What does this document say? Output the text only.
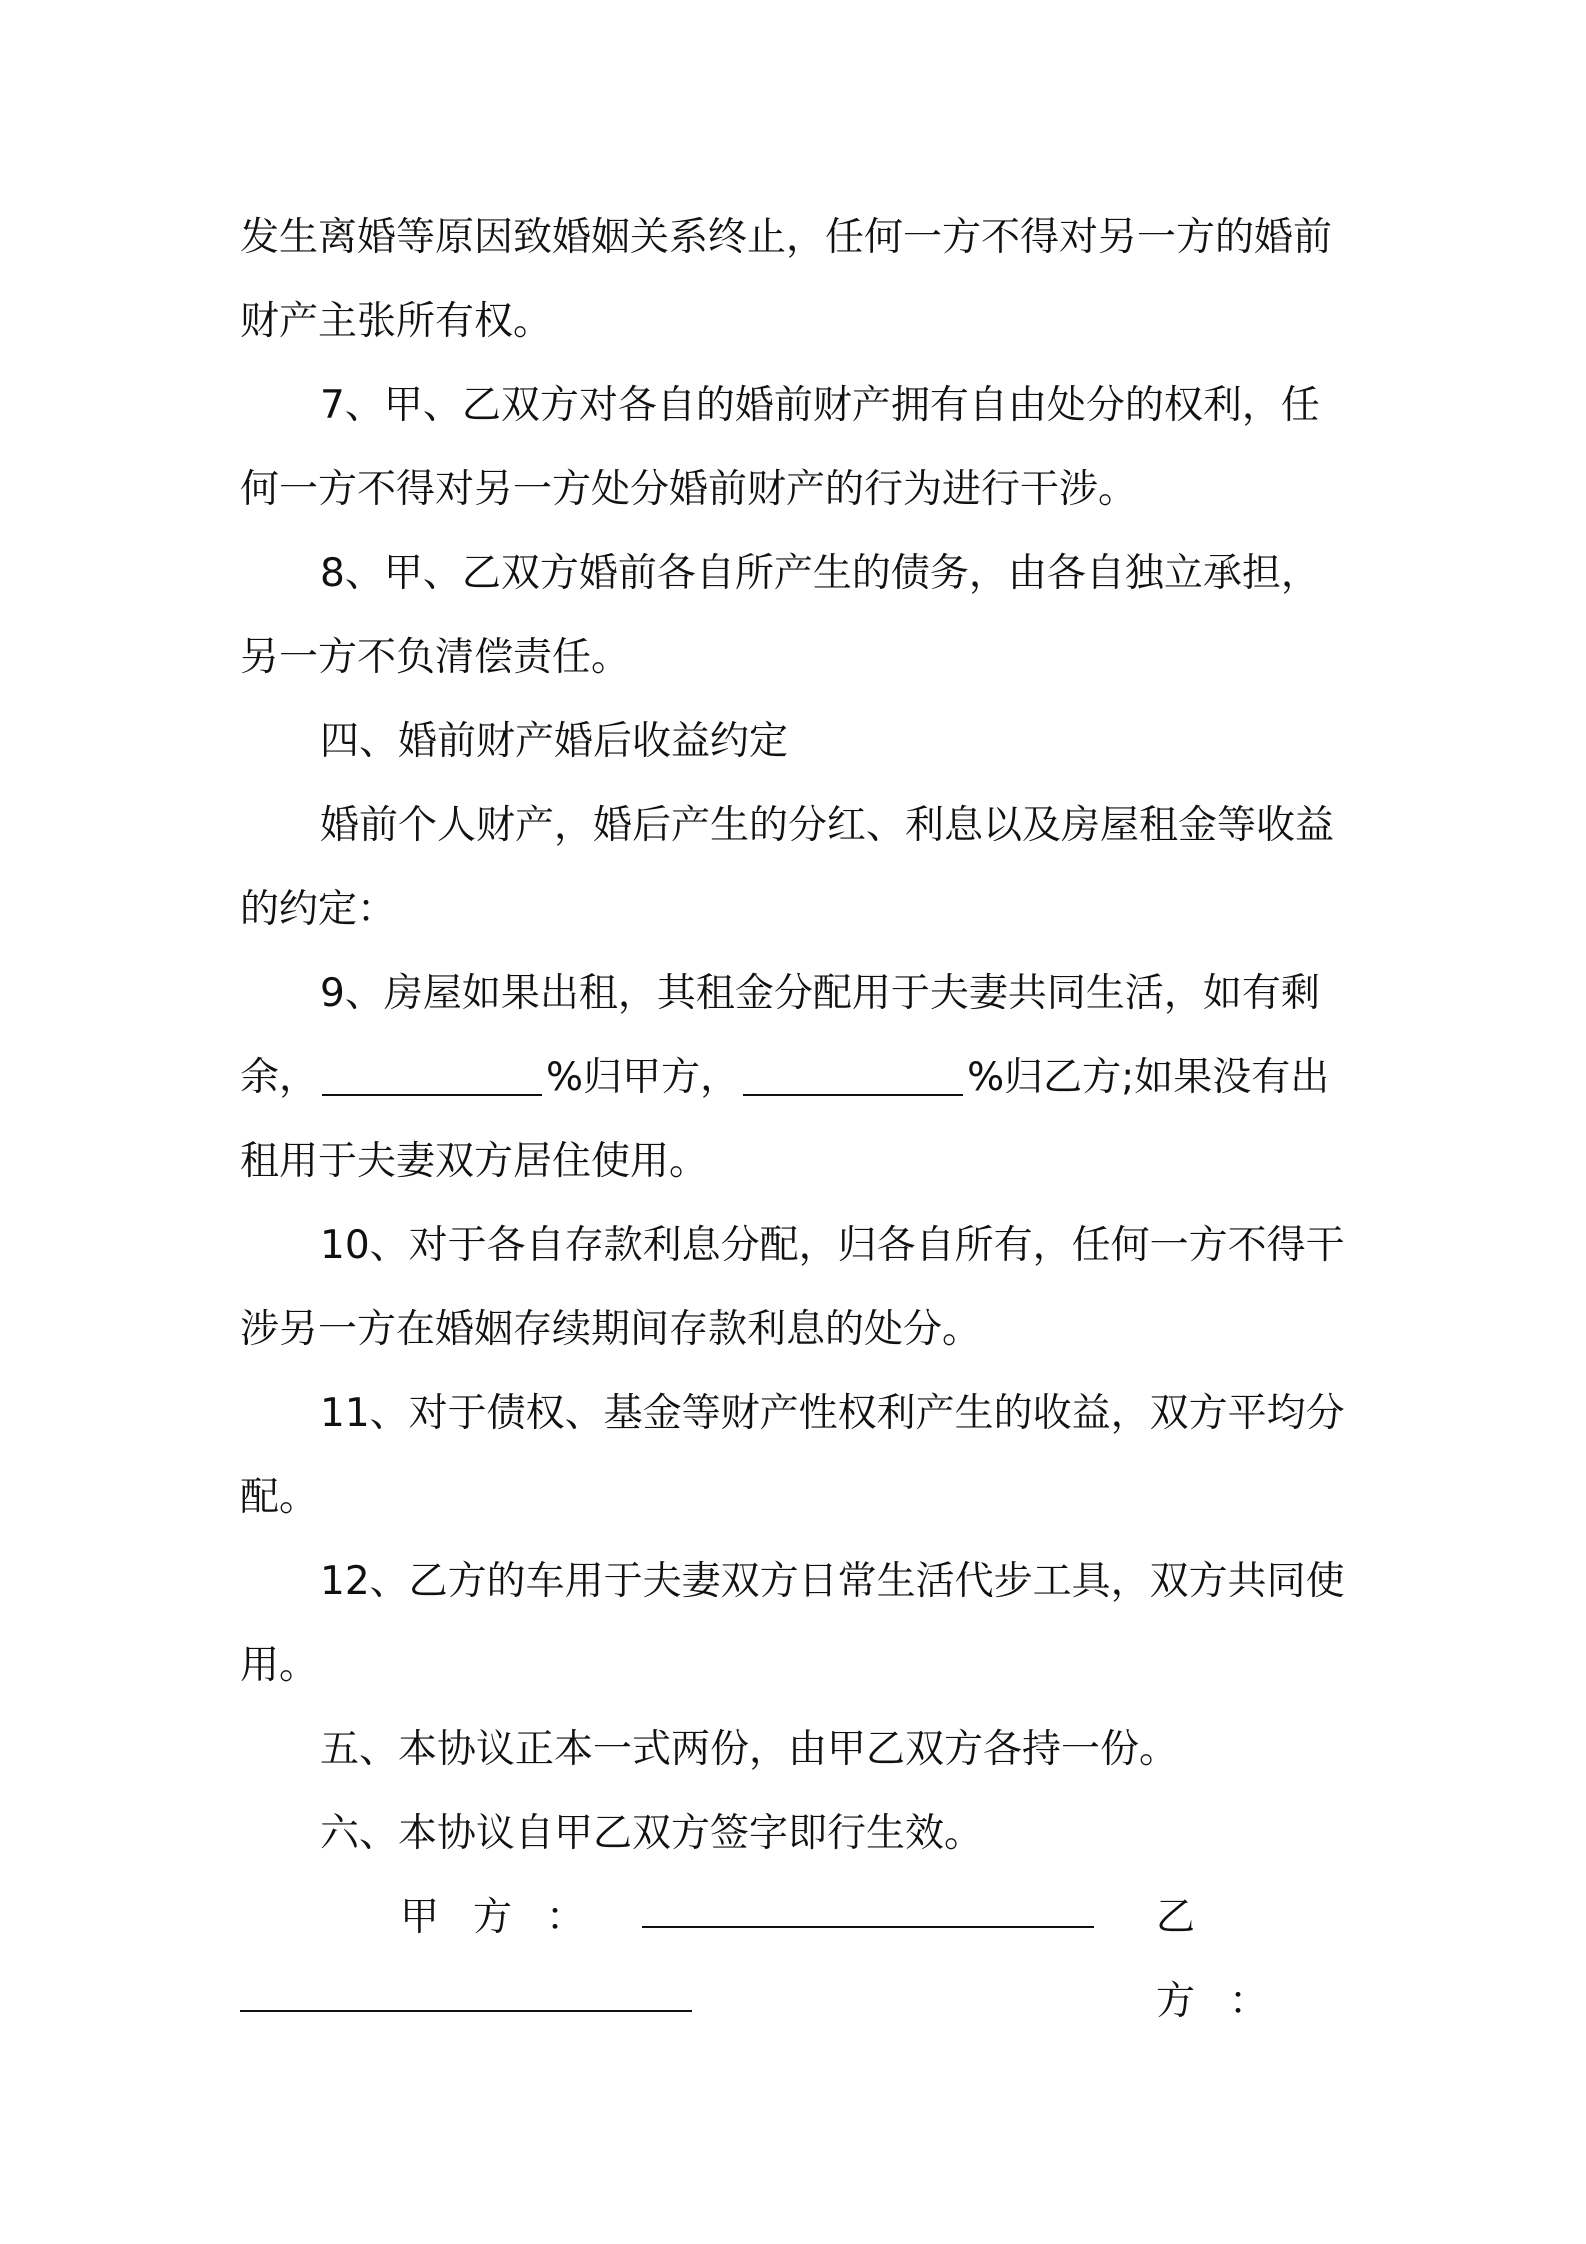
发生离婚等原因致婚姻关系终止，任何一方不得对另一方的婚前
财产主张所有权。
7、甲、乙双方对各自的婚前财产拥有自由处分的权利，任
何一方不得对另一方处分婚前财产的行为进行干涉。
8、甲、乙双方婚前各自所产生的债务，由各自独立承担，
另一方不负清偿责任。
四、婚前财产婚后收益约定
婚前个人财产，婚后产生的分红、利息以及房屋租金等收益
的约定：
9、房屋如果出租，其租金分配用于夫妻共同生活，如有剩
余，	%归甲方，	%归乙方;如果没有出
租用于夫妻双方居住使用。
10、对于各自存款利息分配，归各自所有，任何一方不得干
涉另一方在婚姻存续期间存款利息的处分。
11、对于债权、基金等财产性权利产生的收益，双方平均分
配。
12、乙方的车用于夫妻双方日常生活代步工具，双方共同使
用。
五、本协议正本一式两份，由甲乙双方各持一份。
六、本协议自甲乙双方签字即行生效。
甲方：	乙方：
